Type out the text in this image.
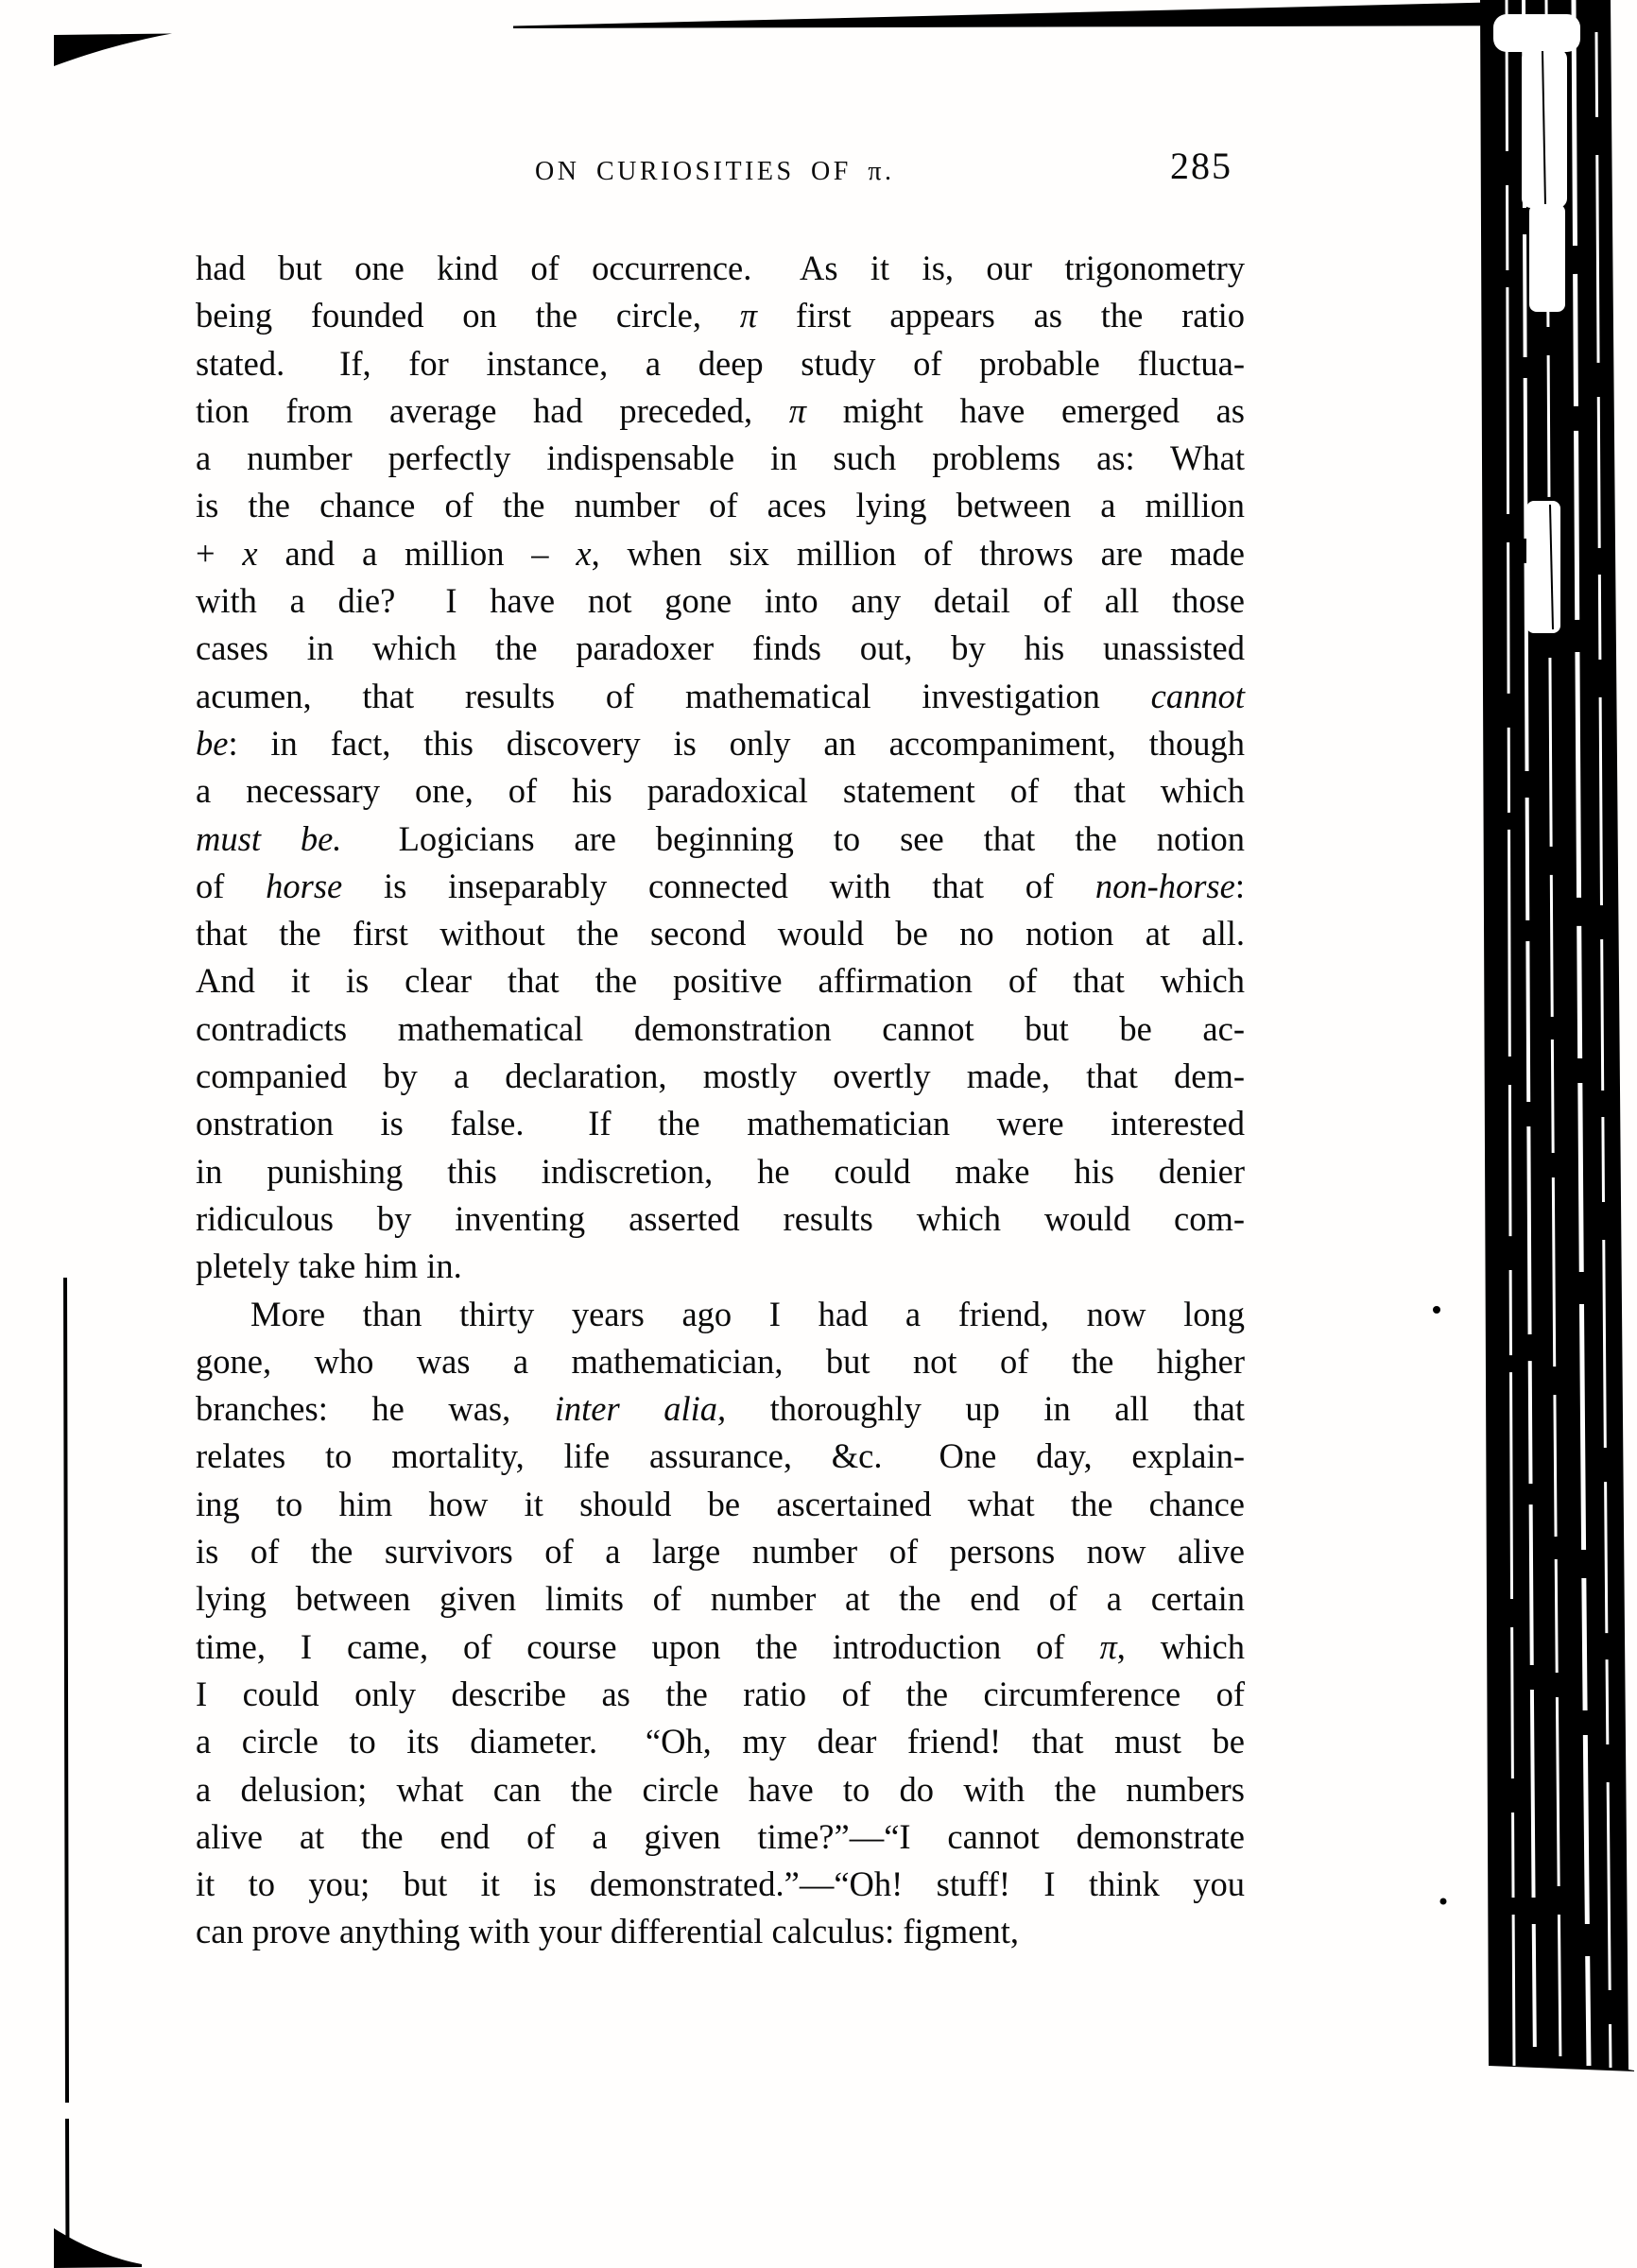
ON CURIOSITIES OF π.	285
had but one kind of occurrence.  As it is, our trigonometry
being founded on the circle, π first appears as the ratio
stated.  If, for instance, a deep study of probable fluctua-
tion from average had preceded, π might have emerged as
a number perfectly indispensable in such problems as: What
is the chance of the number of aces lying between a million
+ x and a million – x, when six million of throws are made
with a die?  I have not gone into any detail of all those
cases in which the paradoxer finds out, by his unassisted
acumen, that results of mathematical investigation cannot
be: in fact, this discovery is only an accompaniment, though
a necessary one, of his paradoxical statement of that which
must be.  Logicians are beginning to see that the notion
of horse is inseparably connected with that of non-horse:
that the first without the second would be no notion at all.
And it is clear that the positive affirmation of that which
contradicts mathematical demonstration cannot but be ac-
companied by a declaration, mostly overtly made, that dem-
onstration is false.  If the mathematician were interested
in punishing this indiscretion, he could make his denier
ridiculous by inventing asserted results which would com-
pletely take him in.
More than thirty years ago I had a friend, now long
gone, who was a mathematician, but not of the higher
branches: he was, inter alia, thoroughly up in all that
relates to mortality, life assurance, &c.  One day, explain-
ing to him how it should be ascertained what the chance
is of the survivors of a large number of persons now alive
lying between given limits of number at the end of a certain
time, I came, of course upon the introduction of π, which
I could only describe as the ratio of the circumference of
a circle to its diameter.  “Oh, my dear friend! that must be
a delusion; what can the circle have to do with the numbers
alive at the end of a given time?”—“I cannot demonstrate
it to you; but it is demonstrated.”—“Oh! stuff! I think you
can prove anything with your differential calculus: figment,
